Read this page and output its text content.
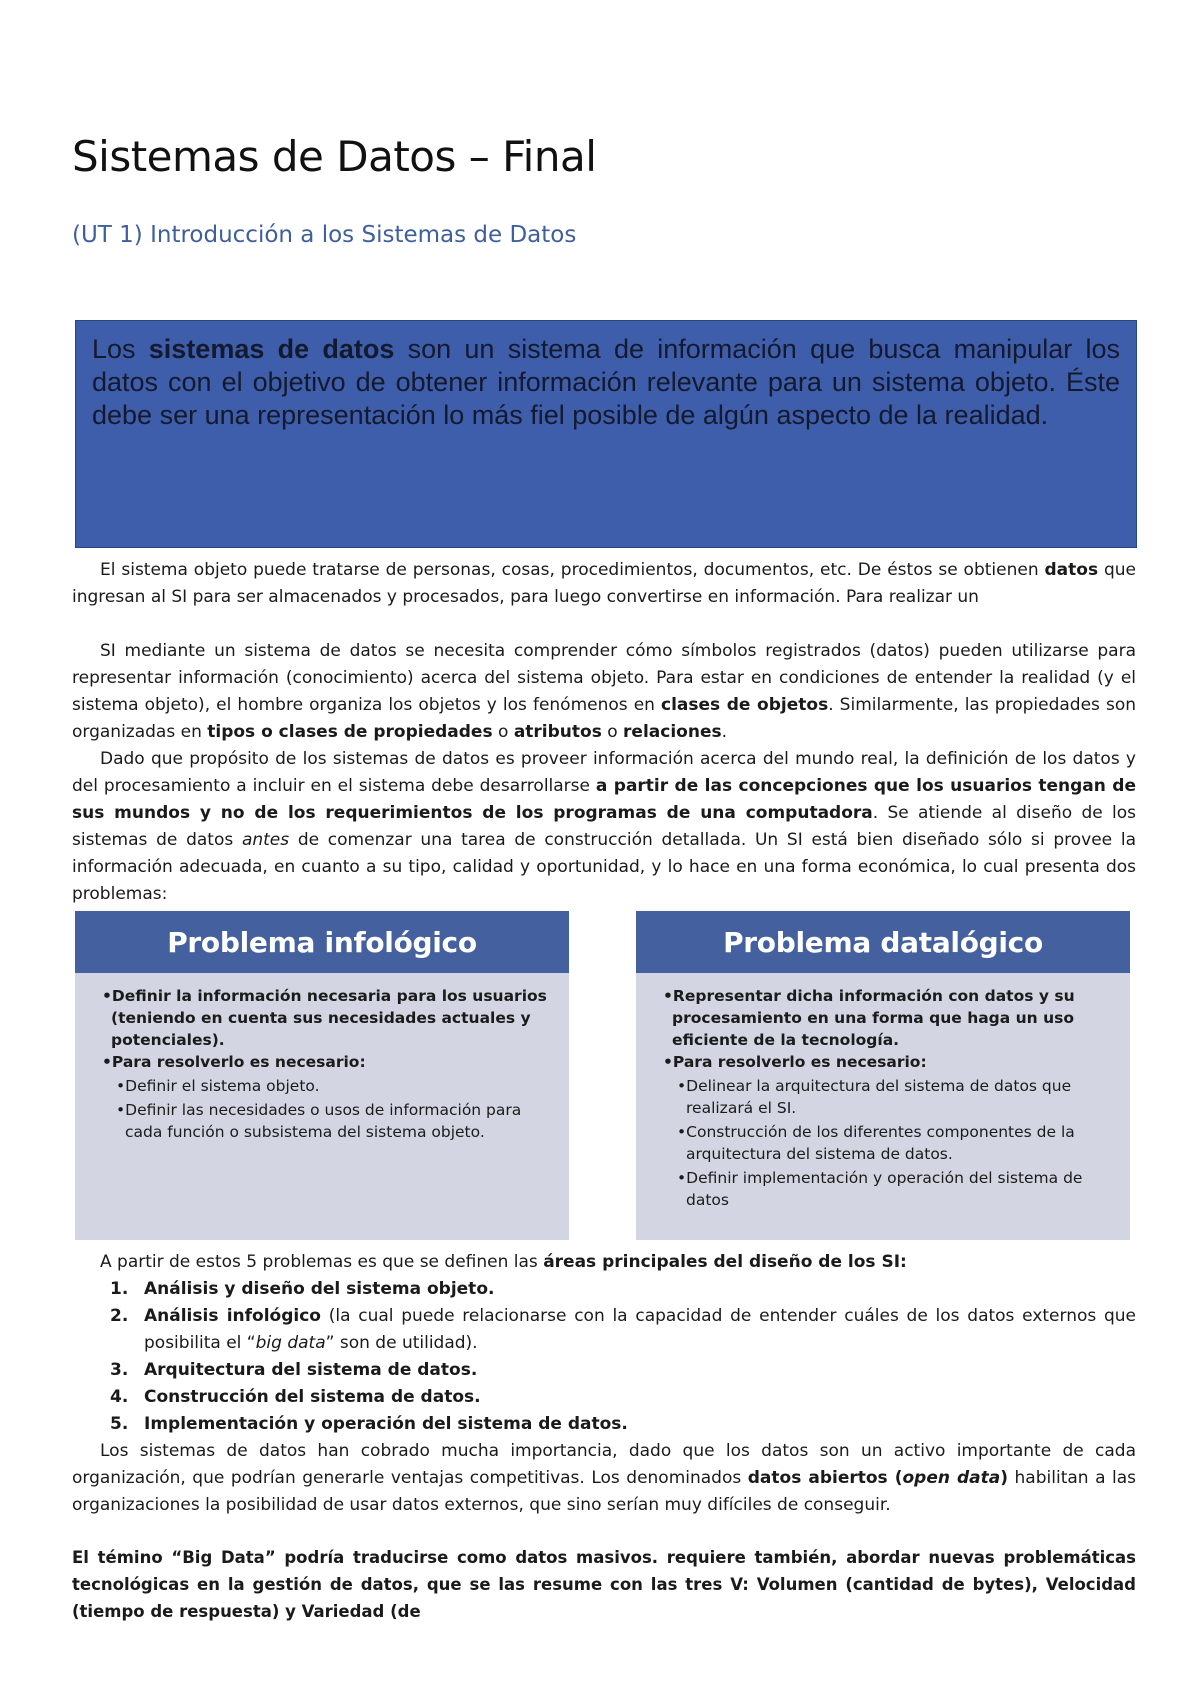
Sistemas de Datos – Final
(UT 1) Introducción a los Sistemas de Datos

Los sistemas de datos son un sistema de información que busca manipular los datos con el objetivo de obtener información relevante para un sistema objeto. Éste debe ser una representación lo más fiel posible de algún aspecto de la realidad.

El sistema objeto puede tratarse de personas, cosas, procedimientos, documentos, etc. De éstos se obtienen datos que ingresan al SI para ser almacenados y procesados, para luego convertirse en información. Para realizar un

SI mediante un sistema de datos se necesita comprender cómo símbolos registrados (datos) pueden utilizarse para representar información (conocimiento) acerca del sistema objeto. Para estar en condiciones de entender la realidad (y el sistema objeto), el hombre organiza los objetos y los fenómenos en clases de objetos. Similarmente, las propiedades son organizadas en tipos o clases de propiedades o atributos o relaciones.

Dado que propósito de los sistemas de datos es proveer información acerca del mundo real, la definición de los datos y del procesamiento a incluir en el sistema debe desarrollarse a partir de las concepciones que los usuarios tengan de sus mundos y no de los requerimientos de los programas de una computadora. Se atiende al diseño de los sistemas de datos antes de comenzar una tarea de construcción detallada. Un SI está bien diseñado sólo si provee la información adecuada, en cuanto a su tipo, calidad y oportunidad, y lo hace en una forma económica, lo cual presenta dos problemas:

Problema infológico

•Definir la información necesaria para los usuarios (teniendo en cuenta sus necesidades actuales y potenciales).

•Para resolverlo es necesario:

•Definir el sistema objeto.

•Definir las necesidades o usos de información para cada función o subsistema del sistema objeto.

Problema datalógico

•Representar dicha información con datos y su procesamiento en una forma que haga un uso eficiente de la tecnología.

•Para resolverlo es necesario:

•Delinear la arquitectura del sistema de datos que realizará el SI.

•Construcción de los diferentes componentes de la arquitectura del sistema de datos.

•Definir implementación y operación del sistema de datos

A partir de estos 5 problemas es que se definen las áreas principales del diseño de los SI:

1. Análisis y diseño del sistema objeto.
2. Análisis infológico (la cual puede relacionarse con la capacidad de entender cuáles de los datos externos que posibilita el “big data” son de utilidad).
3. Arquitectura del sistema de datos.
4. Construcción del sistema de datos.
5. Implementación y operación del sistema de datos.

Los sistemas de datos han cobrado mucha importancia, dado que los datos son un activo importante de cada organización, que podrían generarle ventajas competitivas. Los denominados datos abiertos (open data) habilitan a las organizaciones la posibilidad de usar datos externos, que sino serían muy difíciles de conseguir.

El témino “Big Data” podría traducirse como datos masivos. requiere también, abordar nuevas problemáticas tecnológicas en la gestión de datos, que se las resume con las tres V: Volumen (cantidad de bytes), Velocidad (tiempo de respuesta) y Variedad (de
